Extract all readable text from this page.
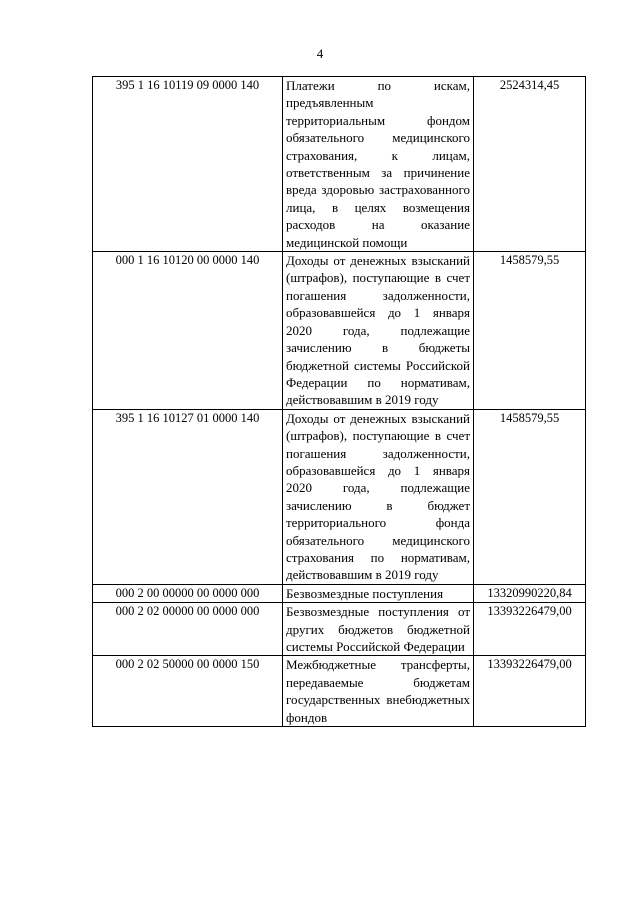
4
395 1 16 10119 09 0000 140	Платежи по искам, предъявленным территориальным фондом обязательного медицинского страхования, к лицам, ответственным за причинение вреда здоровью застрахованного лица, в целях возмещения расходов на оказание медицинской помощи	2524314,45
000 1 16 10120 00 0000 140	Доходы от денежных взысканий (штрафов), поступающие в счет погашения задолженности, образовавшейся до 1 января 2020 года, подлежащие зачислению в бюджеты бюджетной системы Российской Федерации по нормативам, действовавшим в 2019 году	1458579,55
395 1 16 10127 01 0000 140	Доходы от денежных взысканий (штрафов), поступающие в счет погашения задолженности, образовавшейся до 1 января 2020 года, подлежащие зачислению в бюджет территориального фонда обязательного медицинского страхования по нормативам, действовавшим в 2019 году	1458579,55
000 2 00 00000 00 0000 000	Безвозмездные поступления	13320990220,84
000 2 02 00000 00 0000 000	Безвозмездные поступления от других бюджетов бюджетной системы Российской Федерации	13393226479,00
000 2 02 50000 00 0000 150	Межбюджетные трансферты, передаваемые бюджетам государственных внебюджетных фондов	13393226479,00
